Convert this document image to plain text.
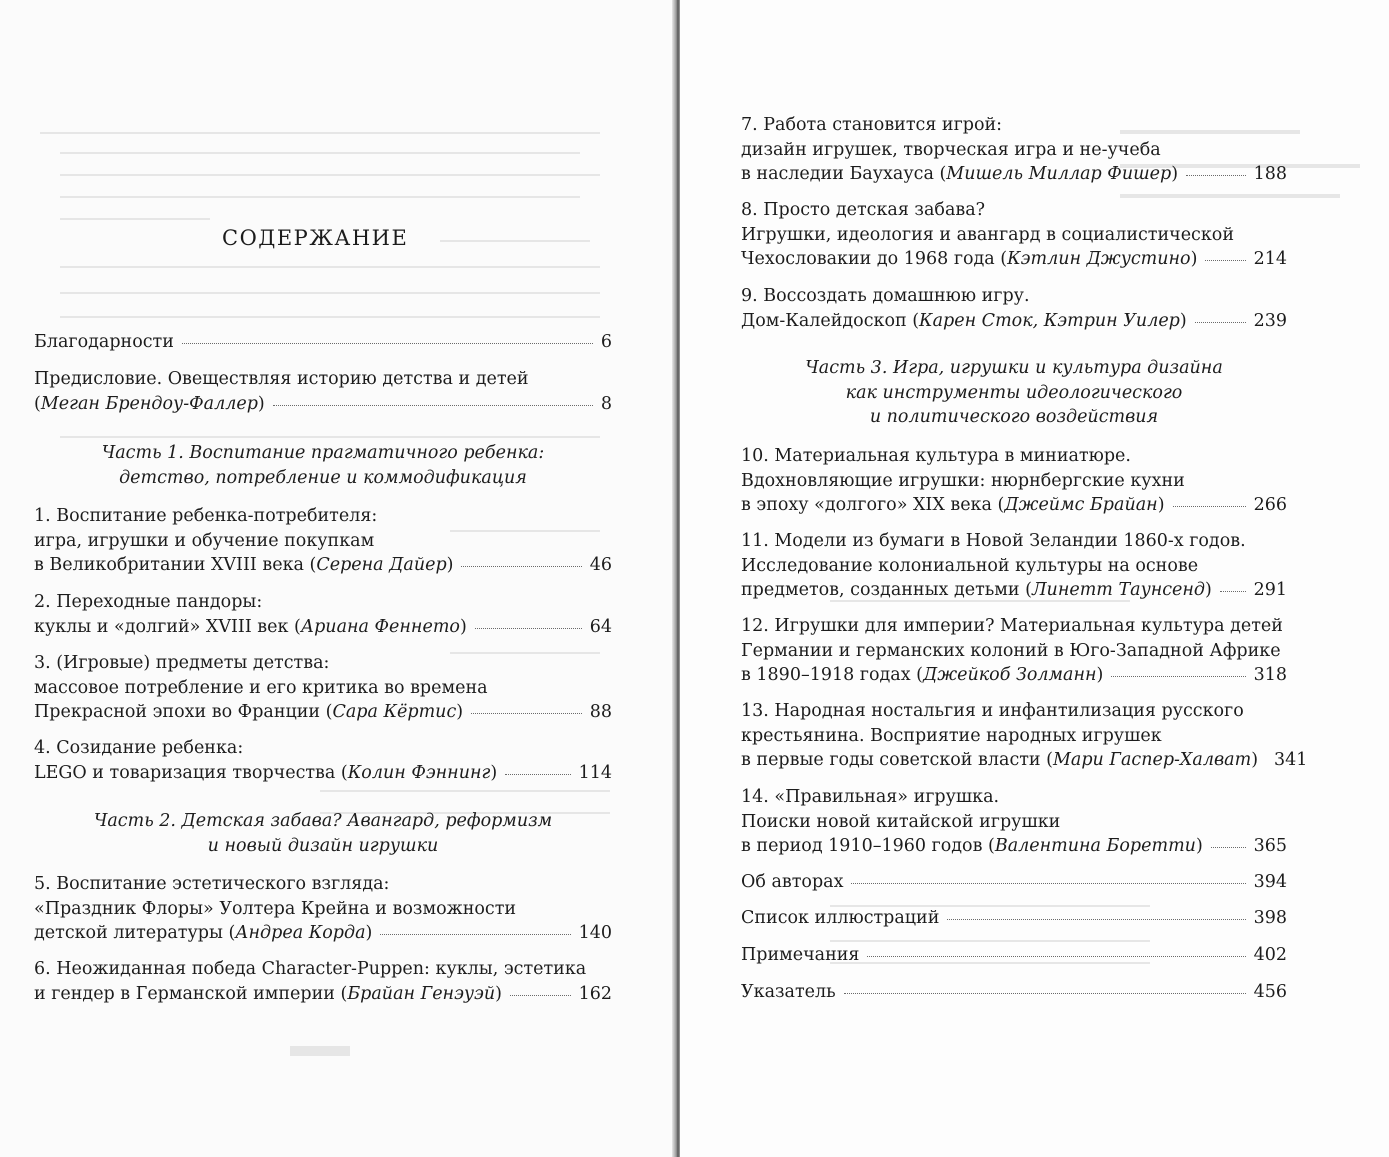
СОДЕРЖАНИЕ
Благодарности	6
Предисловие. Овеществляя историю детства и детей
(Меган Брендоу-Фаллер)	8
Часть 1. Воспитание прагматичного ребенка:
детство, потребление и коммодификация
1. Воспитание ребенка-потребителя:
игра, игрушки и обучение покупкам
в Великобритании XVIII века (Серена Дайер)	46
2. Переходные пандоры:
куклы и «долгий» XVIII век (Ариана Феннето)	64
3. (Игровые) предметы детства:
массовое потребление и его критика во времена
Прекрасной эпохи во Франции (Сара Кёртис)	88
4. Созидание ребенка:
LEGO и товаризация творчества (Колин Фэннинг)	114
Часть 2. Детская забава? Авангард, реформизм
и новый дизайн игрушки
5. Воспитание эстетического взгляда:
«Праздник Флоры» Уолтера Крейна и возможности
детской литературы (Андреа Корда)	140
6. Неожиданная победа Character-Puppen: куклы, эстетика
и гендер в Германской империи (Брайан Генэуэй)	162
7. Работа становится игрой:
дизайн игрушек, творческая игра и не-учеба
в наследии Баухауса (Мишель Миллар Фишер)	188
8. Просто детская забава?
Игрушки, идеология и авангард в социалистической
Чехословакии до 1968 года (Кэтлин Джустино)	214
9. Воссоздать домашнюю игру.
Дом-Калейдоскоп (Карен Сток, Кэтрин Уилер)	239
Часть 3. Игра, игрушки и культура дизайна
как инструменты идеологического
и политического воздействия
10. Материальная культура в миниатюре.
Вдохновляющие игрушки: нюрнбергские кухни
в эпоху «долгого» XIX века (Джеймс Брайан)	266
11. Модели из бумаги в Новой Зеландии 1860-х годов.
Исследование колониальной культуры на основе
предметов, созданных детьми (Линетт Таунсенд) 291
12. Игрушки для империи? Материальная культура детей
Германии и германских колоний в Юго-Западной Африке
в 1890–1918 годах (Джейкоб Золманн)	318
13. Народная ностальгия и инфантилизация русского
крестьянина. Восприятие народных игрушек
в первые годы советской власти (Мари Гаспер-Халват) 341
14. «Правильная» игрушка.
Поиски новой китайской игрушки
в период 1910–1960 годов (Валентина Боретти)	365
Об авторах	394
Список иллюстраций	398
Примечания	402
Указатель	456
